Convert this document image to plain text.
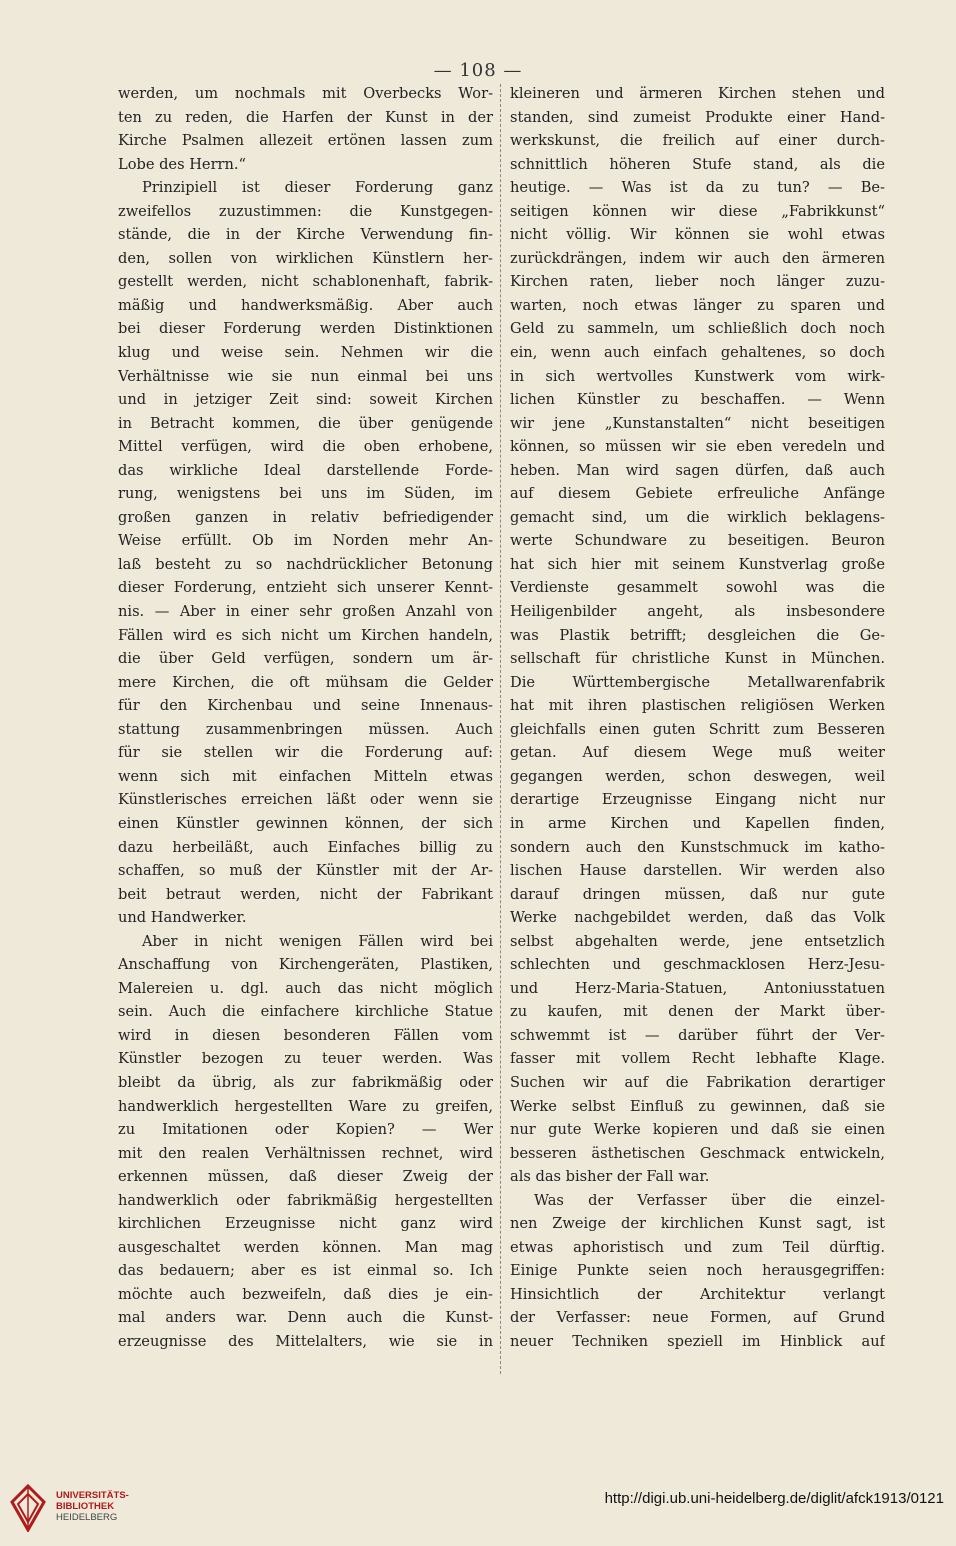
— 108 —
werden, um nochmals mit Overbecks Wor-
ten zu reden, die Harfen der Kunst in der
Kirche Psalmen allezeit ertönen lassen zum
Lobe des Herrn.“
Prinzipiell ist dieser Forderung ganz
zweifellos zuzustimmen: die Kunstgegen-
stände, die in der Kirche Verwendung fin-
den, sollen von wirklichen Künstlern her-
gestellt werden, nicht schablonenhaft, fabrik-
mäßig und handwerksmäßig. Aber auch
bei dieser Forderung werden Distinktionen
klug und weise sein. Nehmen wir die
Verhältnisse wie sie nun einmal bei uns
und in jetziger Zeit sind: soweit Kirchen
in Betracht kommen, die über genügende
Mittel verfügen, wird die oben erhobene,
das wirkliche Ideal darstellende Forde-
rung, wenigstens bei uns im Süden, im
großen ganzen in relativ befriedigender
Weise erfüllt. Ob im Norden mehr An-
laß besteht zu so nachdrücklicher Betonung
dieser Forderung, entzieht sich unserer Kennt-
nis. — Aber in einer sehr großen Anzahl von
Fällen wird es sich nicht um Kirchen handeln,
die über Geld verfügen, sondern um är-
mere Kirchen, die oft mühsam die Gelder
für den Kirchenbau und seine Innenaus-
stattung zusammenbringen müssen. Auch
für sie stellen wir die Forderung auf:
wenn sich mit einfachen Mitteln etwas
Künstlerisches erreichen läßt oder wenn sie
einen Künstler gewinnen können, der sich
dazu herbeiläßt, auch Einfaches billig zu
schaffen, so muß der Künstler mit der Ar-
beit betraut werden, nicht der Fabrikant
und Handwerker.
Aber in nicht wenigen Fällen wird bei
Anschaffung von Kirchengeräten, Plastiken,
Malereien u. dgl. auch das nicht möglich
sein. Auch die einfachere kirchliche Statue
wird in diesen besonderen Fällen vom
Künstler bezogen zu teuer werden. Was
bleibt da übrig, als zur fabrikmäßig oder
handwerklich hergestellten Ware zu greifen,
zu Imitationen oder Kopien? — Wer
mit den realen Verhältnissen rechnet, wird
erkennen müssen, daß dieser Zweig der
handwerklich oder fabrikmäßig hergestellten
kirchlichen Erzeugnisse nicht ganz wird
ausgeschaltet werden können. Man mag
das bedauern; aber es ist einmal so. Ich
möchte auch bezweifeln, daß dies je ein-
mal anders war. Denn auch die Kunst-
erzeugnisse des Mittelalters, wie sie in
kleineren und ärmeren Kirchen stehen und
standen, sind zumeist Produkte einer Hand-
werkskunst, die freilich auf einer durch-
schnittlich höheren Stufe stand, als die
heutige. — Was ist da zu tun? — Be-
seitigen können wir diese „Fabrikkunst“
nicht völlig. Wir können sie wohl etwas
zurückdrängen, indem wir auch den ärmeren
Kirchen raten, lieber noch länger zuzu-
warten, noch etwas länger zu sparen und
Geld zu sammeln, um schließlich doch noch
ein, wenn auch einfach gehaltenes, so doch
in sich wertvolles Kunstwerk vom wirk-
lichen Künstler zu beschaffen. — Wenn
wir jene „Kunstanstalten“ nicht beseitigen
können, so müssen wir sie eben veredeln und
heben. Man wird sagen dürfen, daß auch
auf diesem Gebiete erfreuliche Anfänge
gemacht sind, um die wirklich beklagens-
werte Schundware zu beseitigen. Beuron
hat sich hier mit seinem Kunstverlag große
Verdienste gesammelt sowohl was die
Heiligenbilder angeht, als insbesondere
was Plastik betrifft; desgleichen die Ge-
sellschaft für christliche Kunst in München.
Die Württembergische Metallwarenfabrik
hat mit ihren plastischen religiösen Werken
gleichfalls einen guten Schritt zum Besseren
getan. Auf diesem Wege muß weiter
gegangen werden, schon deswegen, weil
derartige Erzeugnisse Eingang nicht nur
in arme Kirchen und Kapellen finden,
sondern auch den Kunstschmuck im katho-
lischen Hause darstellen. Wir werden also
darauf dringen müssen, daß nur gute
Werke nachgebildet werden, daß das Volk
selbst abgehalten werde, jene entsetzlich
schlechten und geschmacklosen Herz-Jesu-
und Herz-Maria-Statuen, Antoniusstatuen
zu kaufen, mit denen der Markt über-
schwemmt ist — darüber führt der Ver-
fasser mit vollem Recht lebhafte Klage.
Suchen wir auf die Fabrikation derartiger
Werke selbst Einfluß zu gewinnen, daß sie
nur gute Werke kopieren und daß sie einen
besseren ästhetischen Geschmack entwickeln,
als das bisher der Fall war.
Was der Verfasser über die einzel-
nen Zweige der kirchlichen Kunst sagt, ist
etwas aphoristisch und zum Teil dürftig.
Einige Punkte seien noch herausgegriffen:
Hinsichtlich der Architektur verlangt
der Verfasser: neue Formen, auf Grund
neuer Techniken speziell im Hinblick auf
UNIVERSITÄTS-
BIBLIOTHEK
HEIDELBERG
http://digi.ub.uni-heidelberg.de/diglit/afck1913/0121
